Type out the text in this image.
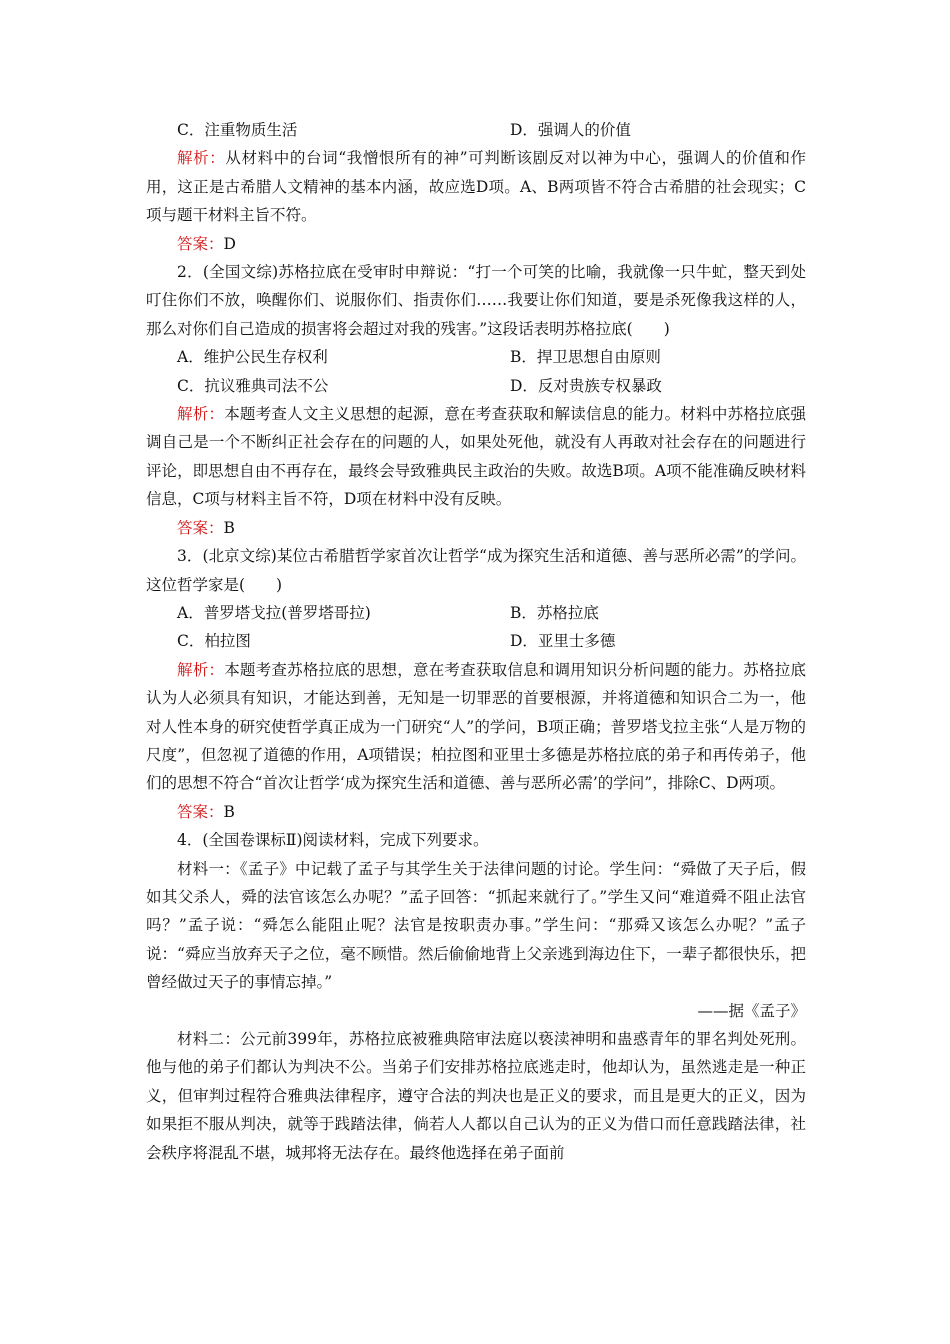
C．注重物质生活	D．强调人的价值

解析：从材料中的台词“我憎恨所有的神”可判断该剧反对以神为中心，强调人的价值和作用，这正是古希腊人文精神的基本内涵，故应选D项。A、B两项皆不符合古希腊的社会现实；C项与题干材料主旨不符。

答案：D

2．(全国文综)苏格拉底在受审时申辩说：“打一个可笑的比喻，我就像一只牛虻，整天到处叮住你们不放，唤醒你们、说服你们、指责你们……我要让你们知道，要是杀死像我这样的人，那么对你们自己造成的损害将会超过对我的残害。”这段话表明苏格拉底(　　)

A．维护公民生存权利	B．捍卫思想自由原则
C．抗议雅典司法不公	D．反对贵族专权暴政

解析：本题考查人文主义思想的起源，意在考查获取和解读信息的能力。材料中苏格拉底强调自己是一个不断纠正社会存在的问题的人，如果处死他，就没有人再敢对社会存在的问题进行评论，即思想自由不再存在，最终会导致雅典民主政治的失败。故选B项。A项不能准确反映材料信息，C项与材料主旨不符，D项在材料中没有反映。

答案：B

3．(北京文综)某位古希腊哲学家首次让哲学“成为探究生活和道德、善与恶所必需”的学问。这位哲学家是(　　)

A．普罗塔戈拉(普罗塔哥拉)	B．苏格拉底
C．柏拉图	D．亚里士多德

解析：本题考查苏格拉底的思想，意在考查获取信息和调用知识分析问题的能力。苏格拉底认为人必须具有知识，才能达到善，无知是一切罪恶的首要根源，并将道德和知识合二为一，他对人性本身的研究使哲学真正成为一门研究“人”的学问，B项正确；普罗塔戈拉主张“人是万物的尺度”，但忽视了道德的作用，A项错误；柏拉图和亚里士多德是苏格拉底的弟子和再传弟子，他们的思想不符合“首次让哲学‘成为探究生活和道德、善与恶所必需’的学问”，排除C、D两项。

答案：B

4．(全国卷课标Ⅱ)阅读材料，完成下列要求。

材料一：《孟子》中记载了孟子与其学生关于法律问题的讨论。学生问：“舜做了天子后，假如其父杀人，舜的法官该怎么办呢？”孟子回答：“抓起来就行了。”学生又问“难道舜不阻止法官吗？”孟子说：“舜怎么能阻止呢？法官是按职责办事。”学生问：“那舜又该怎么办呢？”孟子说：“舜应当放弃天子之位，毫不顾惜。然后偷偷地背上父亲逃到海边住下，一辈子都很快乐，把曾经做过天子的事情忘掉。”

——据《孟子》

材料二：公元前399年，苏格拉底被雅典陪审法庭以亵渎神明和蛊惑青年的罪名判处死刑。他与他的弟子们都认为判决不公。当弟子们安排苏格拉底逃走时，他却认为，虽然逃走是一种正义，但审判过程符合雅典法律程序，遵守合法的判决也是正义的要求，而且是更大的正义，因为如果拒不服从判决，就等于践踏法律，倘若人人都以自己认为的正义为借口而任意践踏法律，社会秩序将混乱不堪，城邦将无法存在。最终他选择在弟子面前
